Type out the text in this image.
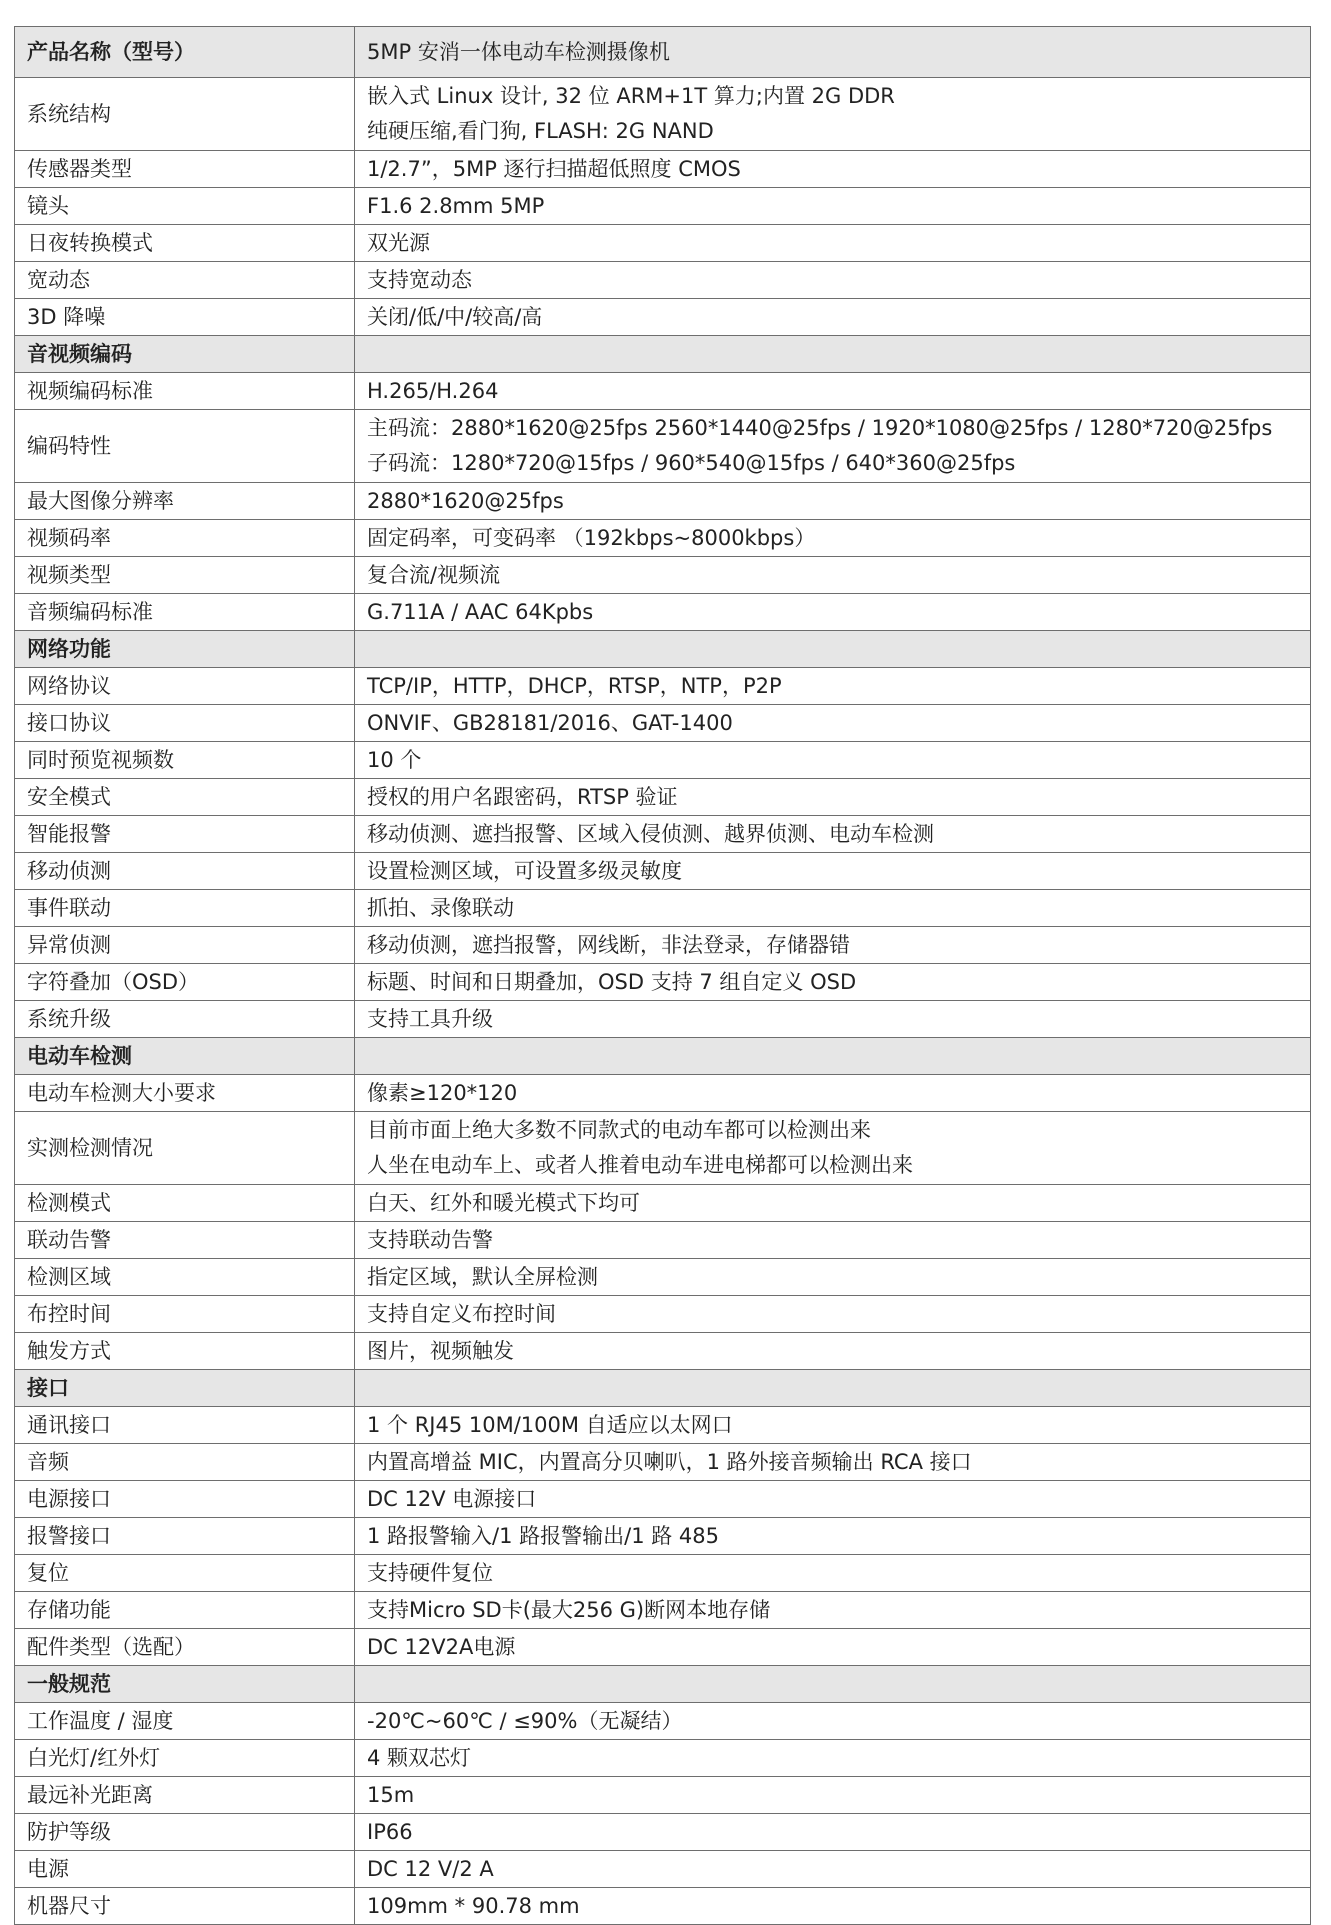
产品名称（型号）	5MP 安消一体电动车检测摄像机
系统结构	嵌入式 Linux 设计, 32 位 ARM+1T 算力;内置 2G DDR
纯硬压缩,看门狗, FLASH: 2G NAND

传感器类型	1/2.7”，5MP 逐行扫描超低照度 CMOS

镜头	F1.6 2.8mm 5MP

日夜转换模式	双光源

宽动态	支持宽动态

3D 降噪	关闭/低/中/较高/高

音视频编码	

视频编码标准	H.265/H.264

编码特性	主码流：2880*1620@25fps 2560*1440@25fps / 1920*1080@25fps / 1280*720@25fps
子码流：1280*720@15fps / 960*540@15fps / 640*360@25fps

最大图像分辨率	2880*1620@25fps

视频码率	固定码率，可变码率 （192kbps~8000kbps）

视频类型	复合流/视频流

音频编码标准	G.711A / AAC 64Kpbs

网络功能	

网络协议	TCP/IP，HTTP，DHCP，RTSP，NTP，P2P

接口协议	ONVIF、GB28181/2016、GAT-1400

同时预览视频数	10 个

安全模式	授权的用户名跟密码，RTSP 验证

智能报警	移动侦测、遮挡报警、区域入侵侦测、越界侦测、电动车检测

移动侦测	设置检测区域，可设置多级灵敏度

事件联动	抓拍、录像联动

异常侦测	移动侦测，遮挡报警，网线断，非法登录，存储器错

字符叠加（OSD）	标题、时间和日期叠加，OSD 支持 7 组自定义 OSD

系统升级	支持工具升级

电动车检测	

电动车检测大小要求	像素≥120*120

实测检测情况	目前市面上绝大多数不同款式的电动车都可以检测出来
人坐在电动车上、或者人推着电动车进电梯都可以检测出来

检测模式	白天、红外和暖光模式下均可

联动告警	支持联动告警

检测区域	指定区域，默认全屏检测

布控时间	支持自定义布控时间

触发方式	图片，视频触发

接口	

通讯接口	1 个 RJ45 10M/100M 自适应以太网口

音频	内置高增益 MIC，内置高分贝喇叭，1 路外接音频输出 RCA 接口

电源接口	DC 12V 电源接口

报警接口	1 路报警输入/1 路报警输出/1 路 485

复位	支持硬件复位

存储功能	支持Micro SD卡(最大256 G)断网本地存储

配件类型（选配）	DC 12V2A电源

一般规范	

工作温度 / 湿度	-20℃~60℃ / ≤90%（无凝结）

白光灯/红外灯	4 颗双芯灯

最远补光距离	15m

防护等级	IP66

电源	DC 12 V/2 A

机器尺寸	109mm * 90.78 mm
